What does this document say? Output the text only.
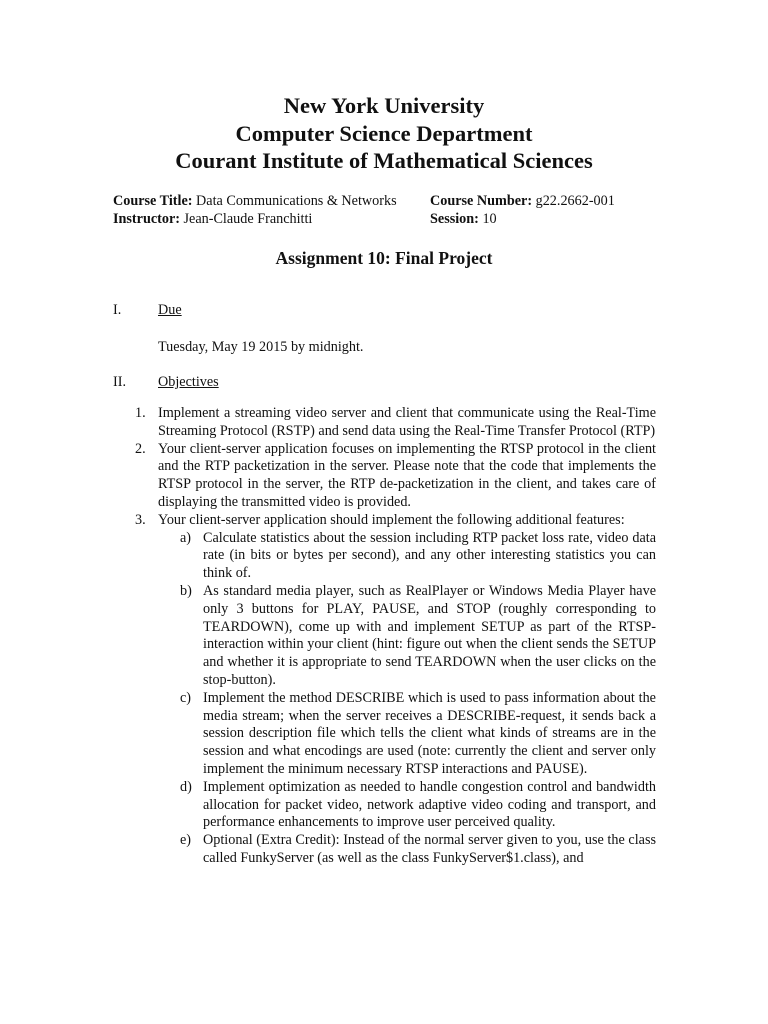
New York University
Computer Science Department
Courant Institute of Mathematical Sciences
Course Title: Data Communications & Networks	Course Number: g22.2662-001
Instructor: Jean-Claude Franchitti	Session: 10
Assignment 10: Final Project
I.	Due
Tuesday, May 19 2015 by midnight.
II. Objectives
1. Implement a streaming video server and client that communicate using the Real-Time Streaming Protocol (RSTP) and send data using the Real-Time Transfer Protocol (RTP)
2. Your client-server application focuses on implementing the RTSP protocol in the client and the RTP packetization in the server. Please note that the code that implements the RTSP protocol in the server, the RTP de-packetization in the client, and takes care of displaying the transmitted video is provided.
3. Your client-server application should implement the following additional features:
a) Calculate statistics about the session including RTP packet loss rate, video data rate (in bits or bytes per second), and any other interesting statistics you can think of.
b) As standard media player, such as RealPlayer or Windows Media Player have only 3 buttons for PLAY, PAUSE, and STOP (roughly corresponding to TEARDOWN), come up with and implement SETUP as part of the RTSP-interaction within your client (hint: figure out when the client sends the SETUP and whether it is appropriate to send TEARDOWN when the user clicks on the stop-button).
c) Implement the method DESCRIBE which is used to pass information about the media stream; when the server receives a DESCRIBE-request, it sends back a session description file which tells the client what kinds of streams are in the session and what encodings are used (note: currently the client and server only implement the minimum necessary RTSP interactions and PAUSE).
d) Implement optimization as needed to handle congestion control and bandwidth allocation for packet video, network adaptive video coding and transport, and performance enhancements to improve user perceived quality.
e) Optional (Extra Credit): Instead of the normal server given to you, use the class called FunkyServer (as well as the class FunkyServer$1.class), and
